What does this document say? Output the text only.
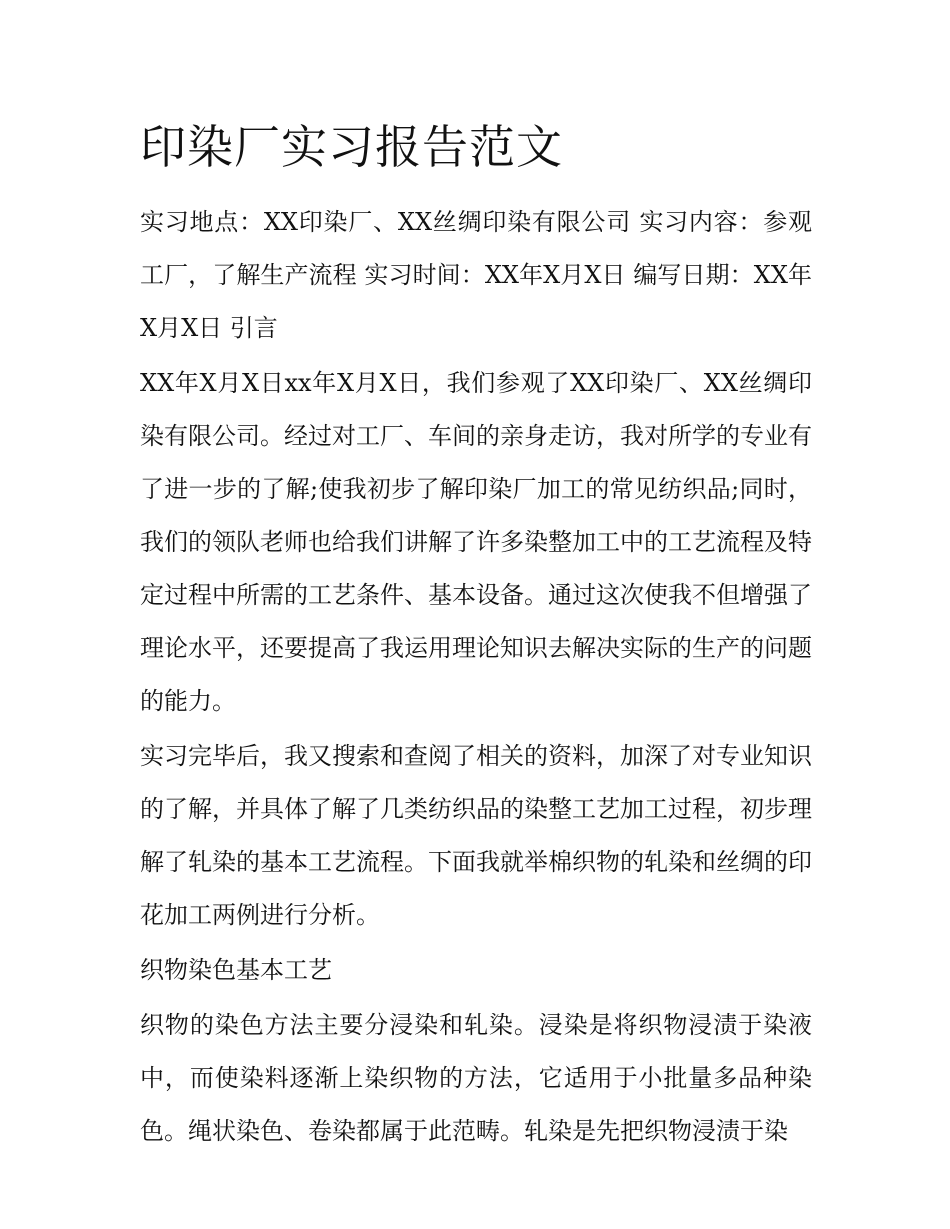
印染厂实习报告范文

实习地点：XX印染厂、XX丝绸印染有限公司 实习内容：参观工厂，了解生产流程 实习时间：XX年X月X日 编写日期：XX年X月X日 引言

XX年X月X日xx年X月X日，我们参观了XX印染厂、XX丝绸印染有限公司。经过对工厂、车间的亲身走访，我对所学的专业有了进一步的了解;使我初步了解印染厂加工的常见纺织品;同时，我们的领队老师也给我们讲解了许多染整加工中的工艺流程及特定过程中所需的工艺条件、基本设备。通过这次使我不但增强了理论水平，还要提高了我运用理论知识去解决实际的生产的问题的能力。

实习完毕后，我又搜索和查阅了相关的资料，加深了对专业知识的了解，并具体了解了几类纺织品的染整工艺加工过程，初步理解了轧染的基本工艺流程。下面我就举棉织物的轧染和丝绸的印花加工两例进行分析。

织物染色基本工艺

织物的染色方法主要分浸染和轧染。浸染是将织物浸渍于染液中，而使染料逐渐上染织物的方法，它适用于小批量多品种染色。绳状染色、卷染都属于此范畴。轧染是先把织物浸渍于染
